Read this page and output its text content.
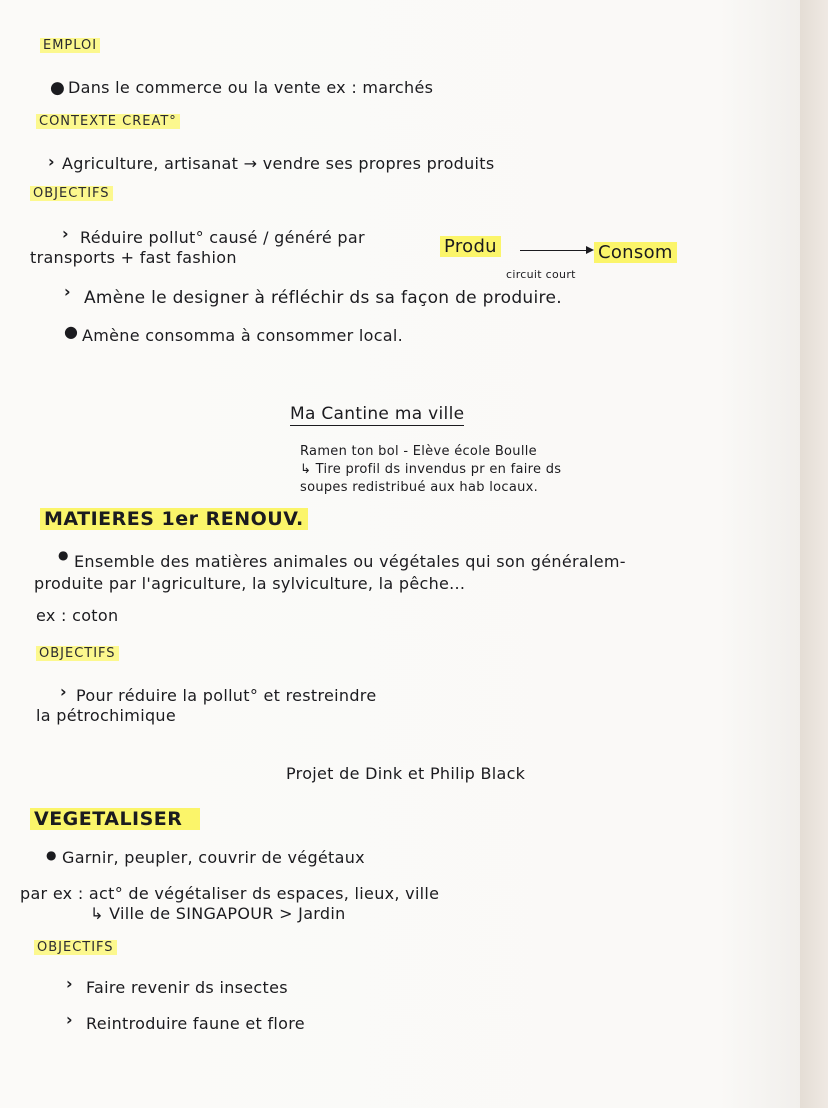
EMPLOI
● Dans le commerce ou la vente ex : marchés
CONTEXTE CREAT°
› Agriculture, artisanat → vendre ses propres produits
OBJECTIFS
› Réduire pollut° causé / généré par
transports + fast fashion
Produ	Consom
circuit court
› Amène le designer à réfléchir ds sa façon de produire.
● Amène consomma à consommer local.
Ma Cantine ma ville
Ramen ton bol - Elève école Boulle
↳ Tire profil ds invendus pr en faire ds
soupes redistribué aux hab locaux.
MATIERES 1er RENOUV.
● Ensemble des matières animales ou végétales qui son généralem-
produite par l'agriculture, la sylviculture, la pêche...
ex : coton
OBJECTIFS
› Pour réduire la pollut° et restreindre
la pétrochimique
Projet de Dink et Philip Black
VEGETALISER
● Garnir, peupler, couvrir de végétaux
par ex : act° de végétaliser ds espaces, lieux, ville
↳ Ville de SINGAPOUR > Jardin
OBJECTIFS
› Faire revenir ds insectes
› Reintroduire faune et flore
